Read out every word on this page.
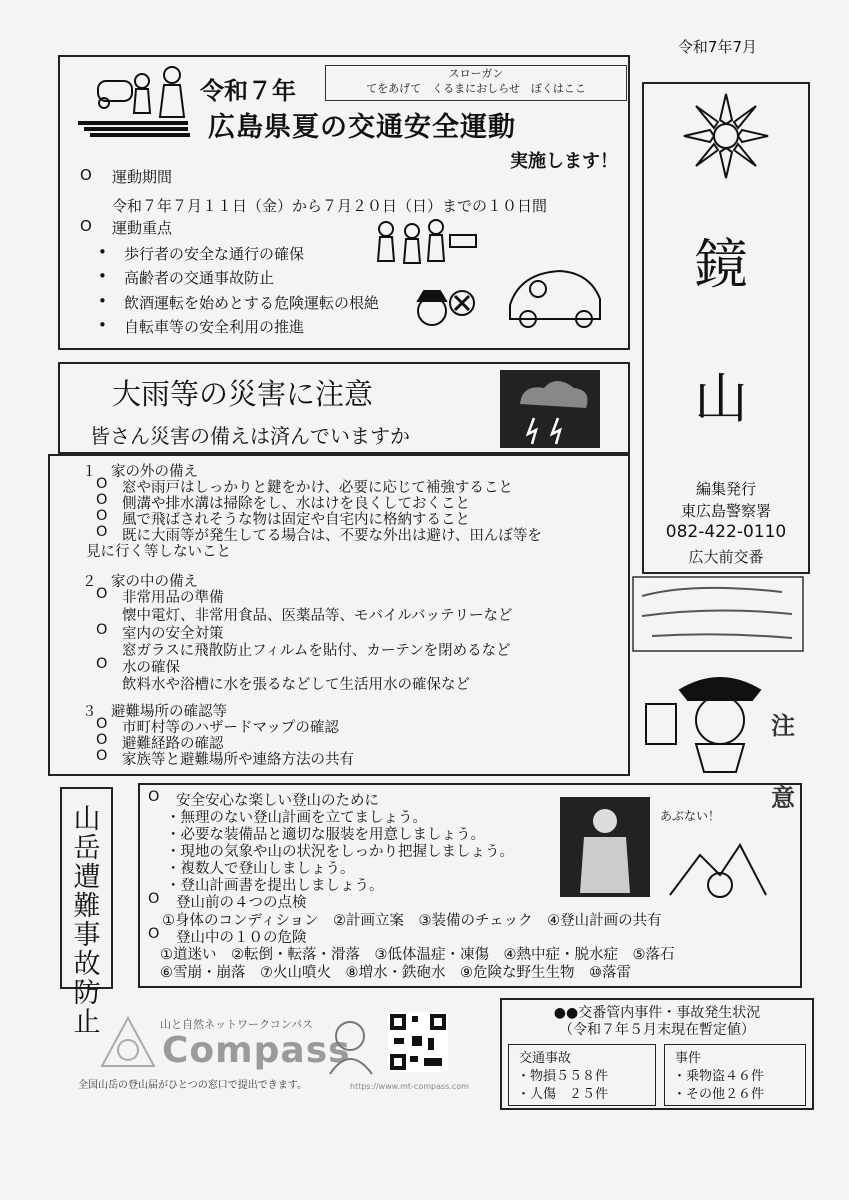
令和7年7月
令和７年
スローガン
てをあげて　くるまにおしらせ　ぼくはここ
広島県夏の交通安全運動
実施します！
O 運動期間
令和７年７月１１日（金）から７月２０日（日）までの１０日間
O 運動重点
• 歩行者の安全な通行の確保
• 高齢者の交通事故防止
• 飲酒運転を始めとする危険運転の根絶
• 自転車等の安全利用の推進
鏡
山
編集発行
東広島警察署
082-422-0110
広大前交番
注意
大雨等の災害に注意
皆さん災害の備えは済んでいますか
１　家の外の備え
O 窓や雨戸はしっかりと鍵をかけ、必要に応じて補強すること
O 側溝や排水溝は掃除をし、水はけを良くしておくこと
O 風で飛ばされそうな物は固定や自宅内に格納すること
O 既に大雨等が発生してる場合は、不要な外出は避け、田んぼ等を
見に行く等しないこと
２　家の中の備え
O 非常用品の準備
懐中電灯、非常用食品、医薬品等、モバイルバッテリーなど
O 室内の安全対策
窓ガラスに飛散防止フィルムを貼付、カーテンを閉めるなど
O 水の確保
飲料水や浴槽に水を張るなどして生活用水の確保など
３　避難場所の確認等
O 市町村等のハザードマップの確認
O 避難経路の確認
O 家族等と避難場所や連絡方法の共有
山
岳
遭
難
事
故
防
止
O 安全安心な楽しい登山のために
・無理のない登山計画を立てましょう。
・必要な装備品と適切な服装を用意しましょう。
・現地の気象や山の状況をしっかり把握しましょう。
・複数人で登山しましょう。
・登山計画書を提出しましょう。
O 登山前の４つの点検
①身体のコンディション　②計画立案　③装備のチェック　④登山計画の共有
O 登山中の１０の危険
①道迷い　②転倒・転落・滑落　③低体温症・凍傷　④熱中症・脱水症　⑤落石
⑥雪崩・崩落　⑦火山噴火　⑧増水・鉄砲水　⑨危険な野生生物　⑩落雷
あぶない！
山と自然ネットワークコンパス
Compass
全国山岳の登山届がひとつの窓口で提出できます。	https://www.mt-compass.com
●●交番管内事件・事故発生状況
（令和７年５月末現在暫定値）
交通事故
・物損５５８件
・人傷　２５件
事件
・乗物盗４６件
・その他２６件
